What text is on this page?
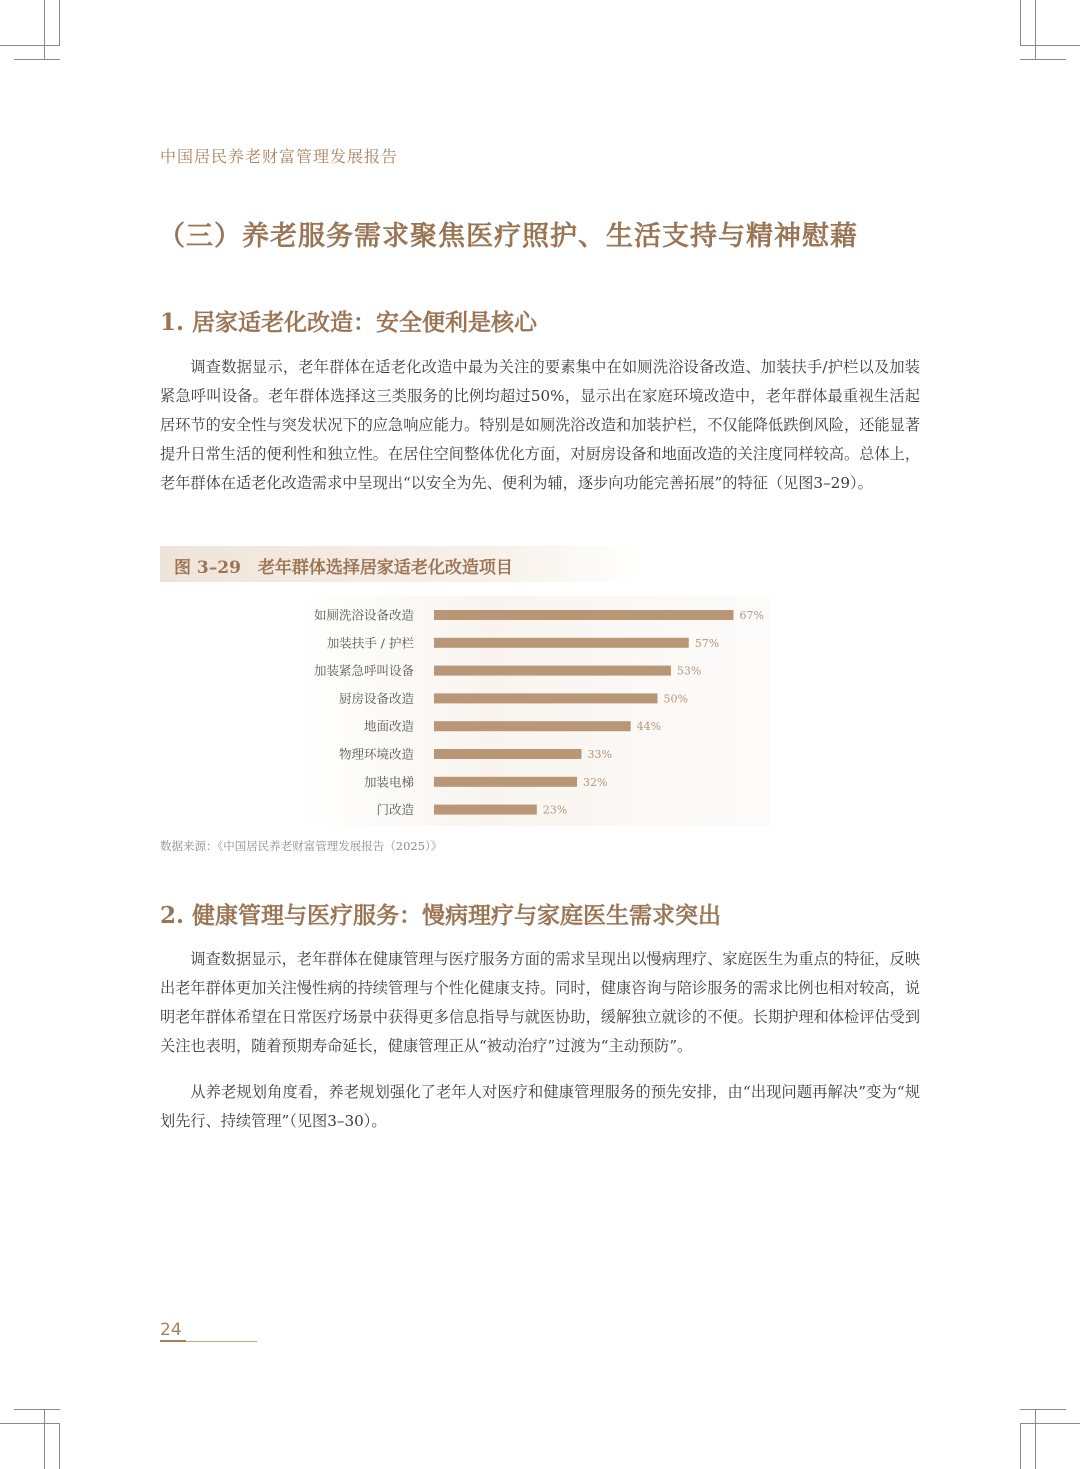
中国居民养老财富管理发展报告
（三）养老服务需求聚焦医疗照护、生活支持与精神慰藉
1. 居家适老化改造：安全便利是核心

调查数据显示，老年群体在适老化改造中最为关注的要素集中在如厕洗浴设备改造、加装扶手/护栏以及加装紧急呼叫设备。老年群体选择这三类服务的比例均超过50%，显示出在家庭环境改造中，老年群体最重视生活起居环节的安全性与突发状况下的应急响应能力。特别是如厕洗浴改造和加装护栏，不仅能降低跌倒风险，还能显著提升日常生活的便利性和独立性。在居住空间整体优化方面，对厨房设备和地面改造的关注度同样较高。总体上，老年群体在适老化改造需求中呈现出“以安全为先、便利为辅，逐步向功能完善拓展”的特征（见图3–29）。

图 3–29　老年群体选择居家适老化改造项目
如厕洗浴设备改造	67%
加装扶手 / 护栏	57%
加装紧急呼叫设备	53%
厨房设备改造	50%
地面改造	44%
物理环境改造	33%
加装电梯	32%
门改造	23%
数据来源：《中国居民养老财富管理发展报告（2025）》
2. 健康管理与医疗服务：慢病理疗与家庭医生需求突出

调查数据显示，老年群体在健康管理与医疗服务方面的需求呈现出以慢病理疗、家庭医生为重点的特征，反映出老年群体更加关注慢性病的持续管理与个性化健康支持。同时，健康咨询与陪诊服务的需求比例也相对较高，说明老年群体希望在日常医疗场景中获得更多信息指导与就医协助，缓解独立就诊的不便。长期护理和体检评估受到关注也表明，随着预期寿命延长，健康管理正从“被动治疗”过渡为“主动预防”。

从养老规划角度看，养老规划强化了老年人对医疗和健康管理服务的预先安排，由“出现问题再解决”变为“规划先行、持续管理”（见图3–30）。

24
